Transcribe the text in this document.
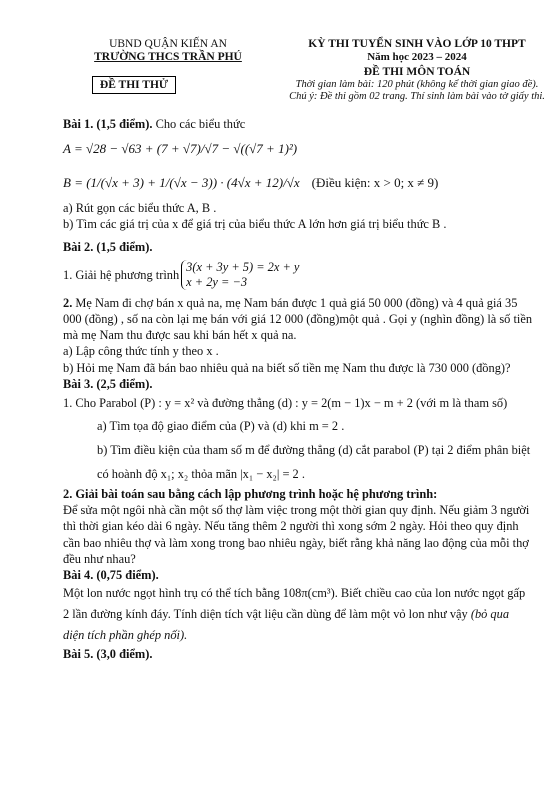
UBND QUẬN KIẾN AN
TRƯỜNG THCS TRẦN PHÚ
ĐỀ THI THỬ
KỲ THI TUYỂN SINH VÀO LỚP 10 THPT
Năm học 2023 – 2024
ĐỀ THI MÔN TOÁN
Thời gian làm bài: 120 phút (không kể thời gian giao đề).
Chú ý: Đề thi gồm 02 trang. Thí sinh làm bài vào tờ giấy thi.

Bài 1. (1,5 điểm). Cho các biểu thức

A = √28 − √63 + (7 + √7)/√7 − √((√7 + 1)²)
B = (1/(√x + 3) + 1/(√x − 3)) · (4√x + 12)/√x (Điều kiện: x > 0; x ≠ 9)

a) Rút gọn các biểu thức A, B .

b) Tìm các giá trị của x để giá trị của biểu thức A lớn hơn giá trị biểu thức B .

Bài 2. (1,5 điểm).

1. Giải hệ phương trình
3(x + 3y + 5) = 2x + y
x + 2y = −3

2. Mẹ Nam đi chợ bán x quả na, mẹ Nam bán được 1 quả giá 50 000 (đồng) và 4 quả giá 35 000 (đồng) , số na còn lại mẹ bán với giá 12 000 (đồng)một quả . Gọi y (nghìn đồng) là số tiền mà mẹ Nam thu được sau khi bán hết x quả na.

a) Lập công thức tính y theo x .

b) Hỏi mẹ Nam đã bán bao nhiêu quả na biết số tiền mẹ Nam thu được là 730 000 (đồng)?

Bài 3. (2,5 điểm).

1. Cho Parabol (P) : y = x² và đường thẳng (d) : y = 2(m − 1)x − m + 2 (với m là tham số)

a) Tìm tọa độ giao điểm của (P) và (d) khi m = 2 .

b) Tìm điều kiện của tham số m để đường thẳng (d) cắt parabol (P) tại 2 điểm phân biệt có hoành độ x₁; x₂ thỏa mãn |x₁ − x₂| = 2 .

2. Giải bài toán sau bằng cách lập phương trình hoặc hệ phương trình:

Để sửa một ngôi nhà cần một số thợ làm việc trong một thời gian quy định. Nếu giảm 3 người thì thời gian kéo dài 6 ngày. Nếu tăng thêm 2 người thì xong sớm 2 ngày. Hỏi theo quy định cần bao nhiêu thợ và làm xong trong bao nhiêu ngày, biết rằng khả năng lao động của mỗi thợ đều như nhau?

Bài 4. (0,75 điểm).

Một lon nước ngọt hình trụ có thể tích bằng 108π(cm³). Biết chiều cao của lon nước ngọt gấp 2 lần đường kính đáy. Tính diện tích vật liệu cần dùng để làm một vỏ lon như vậy (bỏ qua diện tích phần ghép nối).

Bài 5. (3,0 điểm).
